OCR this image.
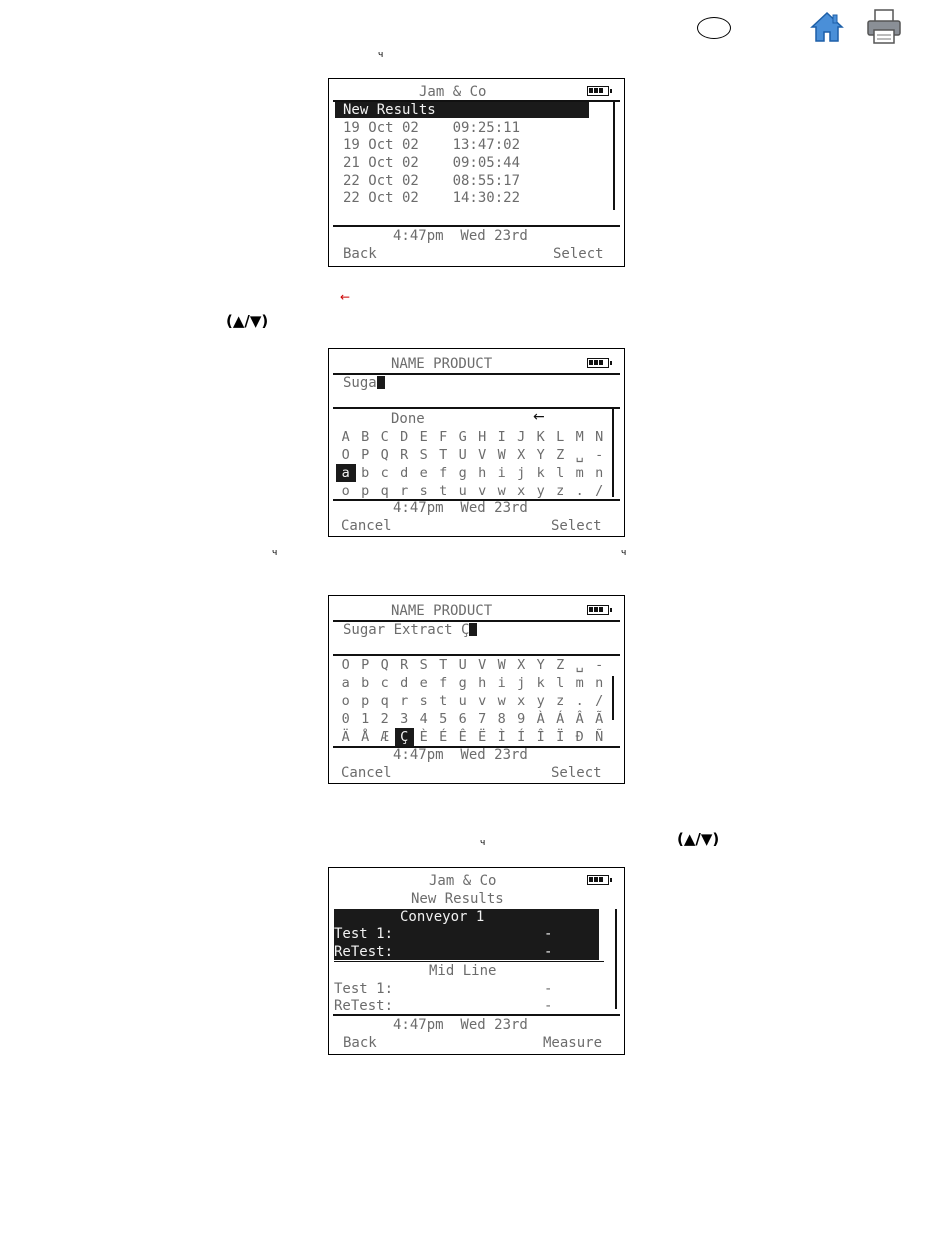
ч
←
(▲/▼)
ч	ч
ч	(▲/▼)
Jam & Co
New Results
19 Oct 02    09:25:11
19 Oct 02    13:47:02
21 Oct 02    09:05:44
22 Oct 02    08:55:17
22 Oct 02    14:30:22
4:47pm  Wed 23rd
Back	Select
NAME PRODUCT
Suga
Done	←
A B C D E F G H I J K L M N
O P Q R S T U V W X Y Z ␣ -
a b c d e f g h i j k l m n
o p q r s t u v w x y z . /
4:47pm  Wed 23rd
Cancel	Select
NAME PRODUCT
Sugar Extract Ç
O P Q R S T U V W X Y Z ␣ -
a b c d e f g h i j k l m n
o p q r s t u v w x y z . /
0 1 2 3 4 5 6 7 8 9 À Á Â Ã
Ä Å Æ Ç È É Ê Ë Ì Í Î Ï Ð Ñ
4:47pm  Wed 23rd
Cancel	Select
Jam & Co
New Results
Conveyor 1
Test 1:	-
ReTest:	-
Mid Line
Test 1:	-
ReTest:	-
4:47pm  Wed 23rd
Back	Measure
